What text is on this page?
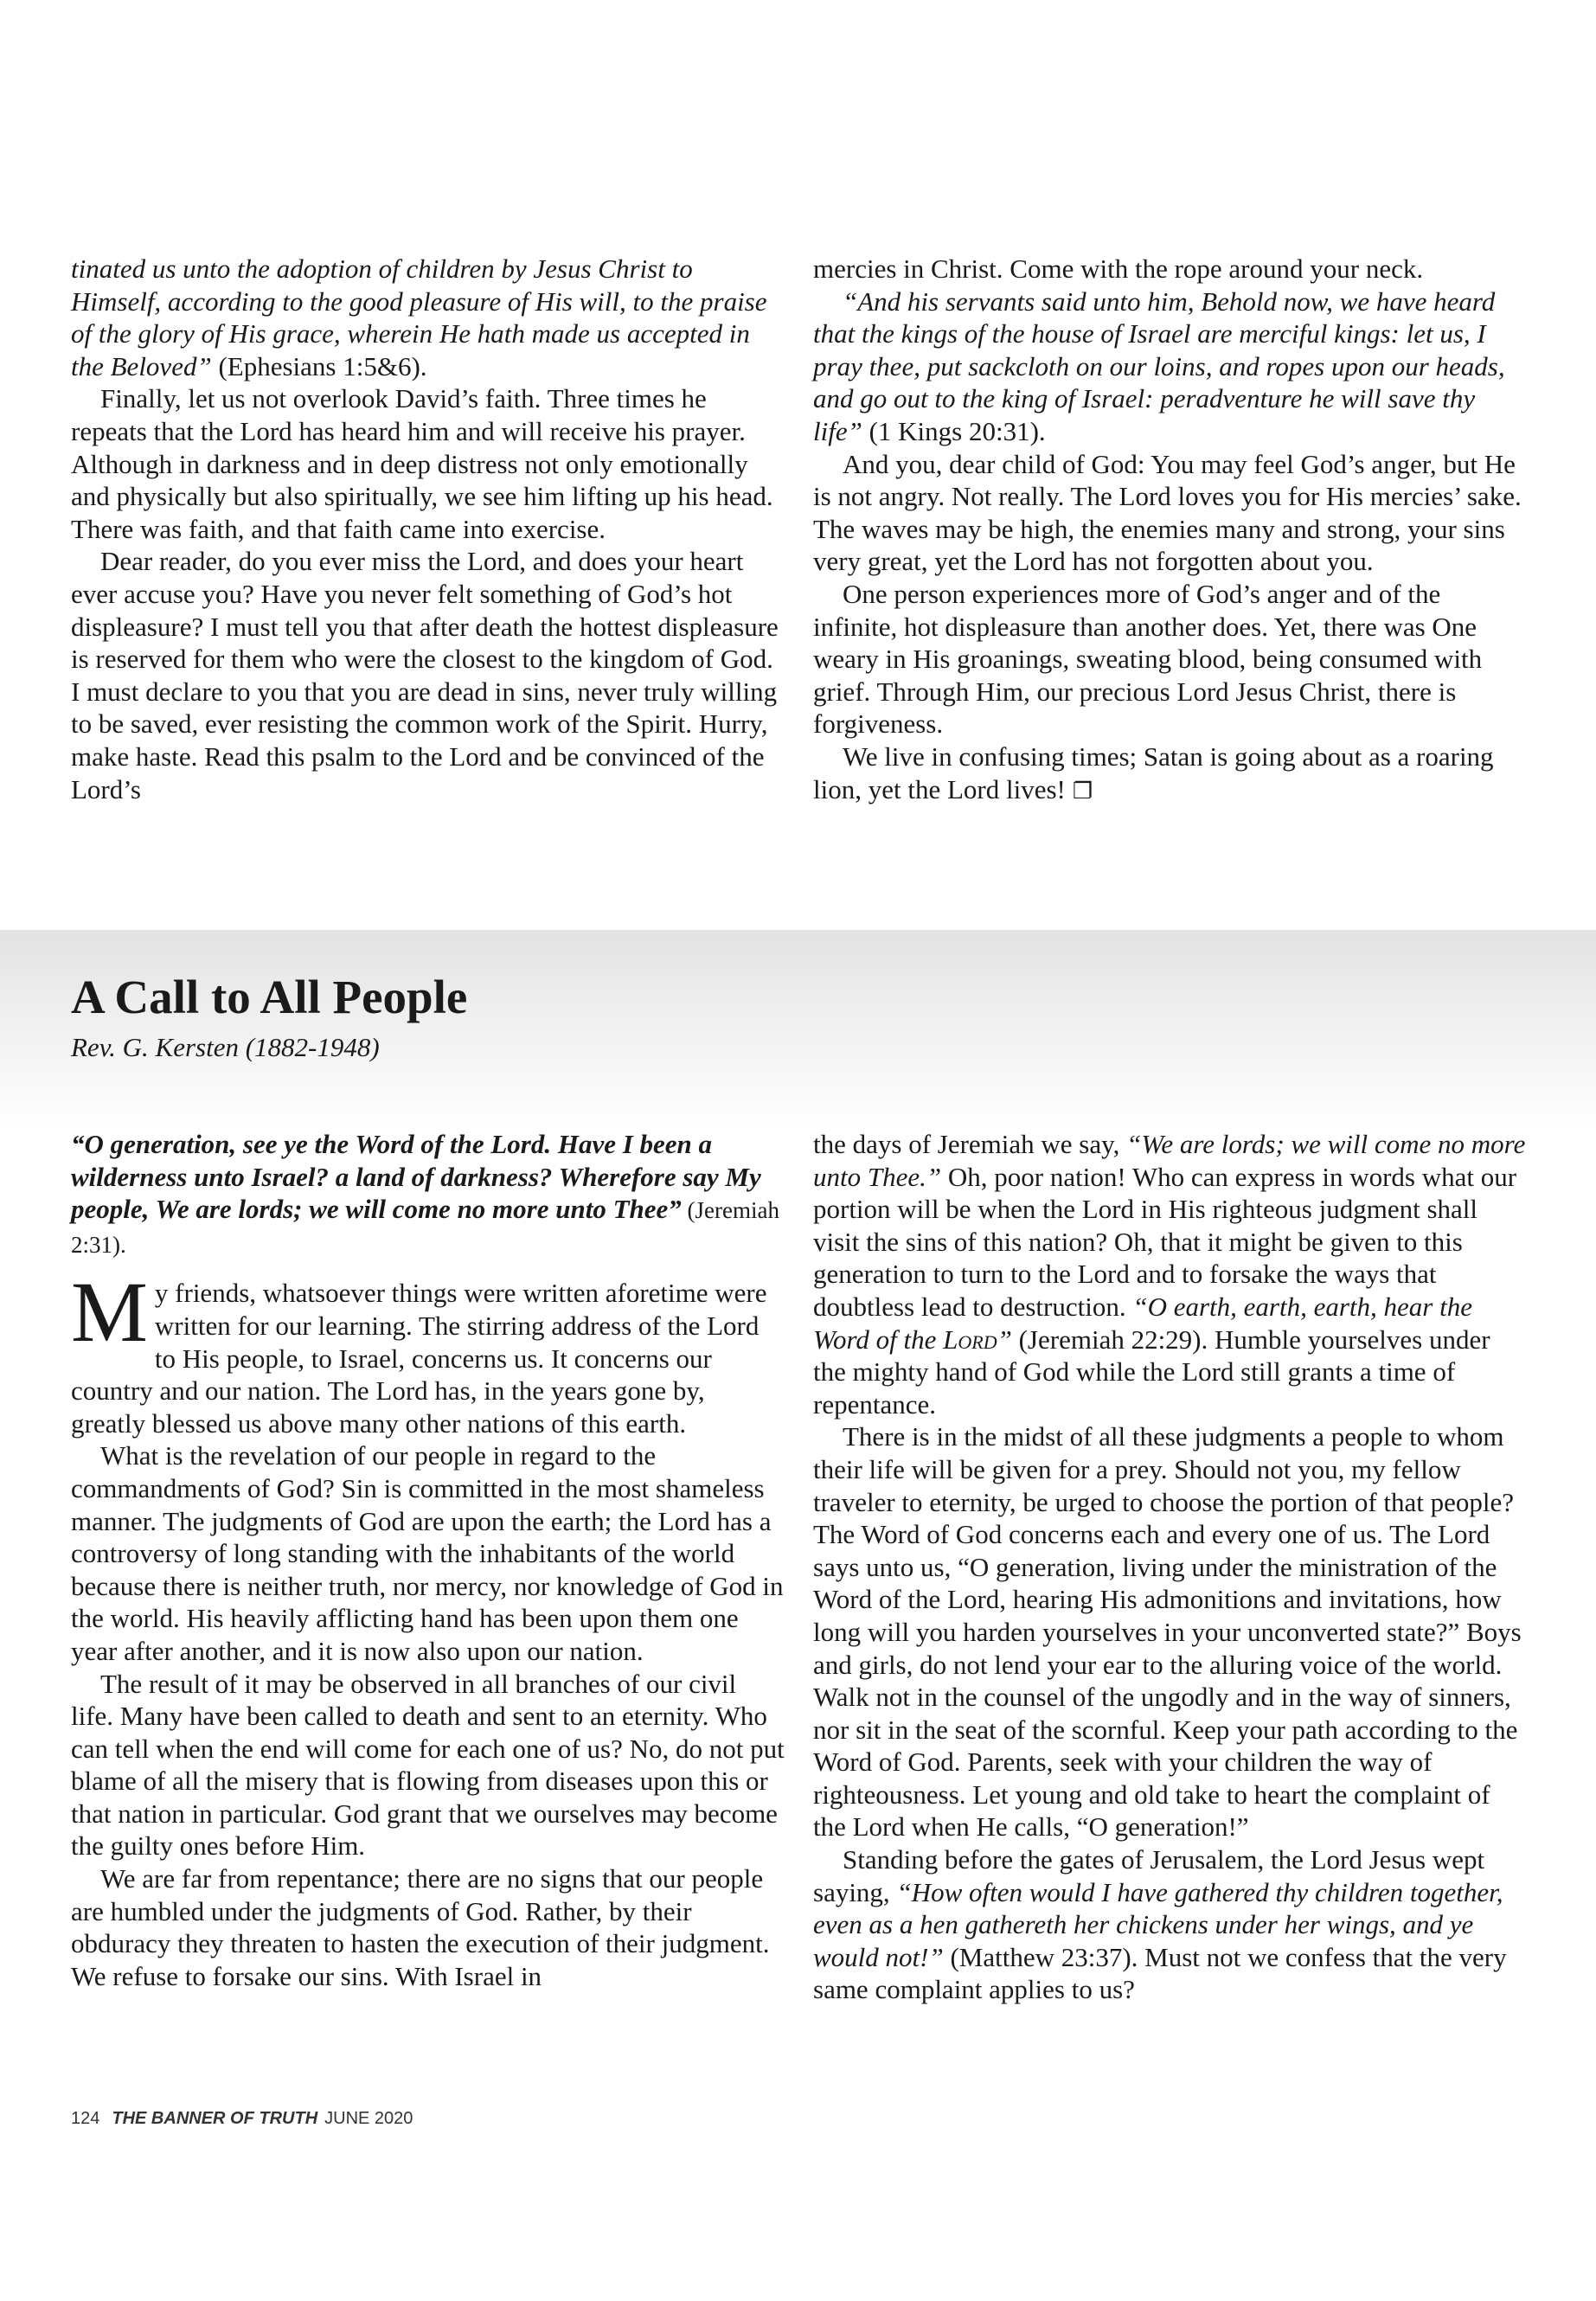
tinated us unto the adoption of children by Jesus Christ to Himself, according to the good pleasure of His will, to the praise of the glory of His grace, wherein He hath made us accepted in the Beloved” (Ephesians 1:5&6).

Finally, let us not overlook David’s faith. Three times he repeats that the Lord has heard him and will receive his prayer. Although in darkness and in deep distress not only emotionally and physically but also spiritually, we see him lifting up his head. There was faith, and that faith came into exercise.

Dear reader, do you ever miss the Lord, and does your heart ever accuse you? Have you never felt something of God’s hot displeasure? I must tell you that after death the hottest displeasure is reserved for them who were the closest to the kingdom of God. I must declare to you that you are dead in sins, never truly willing to be saved, ever resisting the common work of the Spirit. Hurry, make haste. Read this psalm to the Lord and be convinced of the Lord’s

mercies in Christ. Come with the rope around your neck.

“And his servants said unto him, Behold now, we have heard that the kings of the house of Israel are merciful kings: let us, I pray thee, put sackcloth on our loins, and ropes upon our heads, and go out to the king of Israel: peradventure he will save thy life” (1 Kings 20:31).

And you, dear child of God: You may feel God’s anger, but He is not angry. Not really. The Lord loves you for His mercies’ sake. The waves may be high, the enemies many and strong, your sins very great, yet the Lord has not forgotten about you.

One person experiences more of God’s anger and of the infinite, hot displeasure than another does. Yet, there was One weary in His groanings, sweating blood, being consumed with grief. Through Him, our precious Lord Jesus Christ, there is forgiveness.

We live in confusing times; Satan is going about as a roaring lion, yet the Lord lives! ❐

A Call to All People

Rev. G. Kersten (1882-1948)

“O generation, see ye the Word of the Lord. Have I been a wilderness unto Israel? a land of darkness? Wherefore say My people, We are lords; we will come no more unto Thee” (Jeremiah 2:31).

My friends, whatsoever things were written aforetime were written for our learning. The stirring address of the Lord to His people, to Israel, concerns us. It concerns our country and our nation. The Lord has, in the years gone by, greatly blessed us above many other nations of this earth.

What is the revelation of our people in regard to the commandments of God? Sin is committed in the most shameless manner. The judgments of God are upon the earth; the Lord has a controversy of long standing with the inhabitants of the world because there is neither truth, nor mercy, nor knowledge of God in the world. His heavily afflicting hand has been upon them one year after another, and it is now also upon our nation.

The result of it may be observed in all branches of our civil life. Many have been called to death and sent to an eternity. Who can tell when the end will come for each one of us? No, do not put blame of all the misery that is flowing from diseases upon this or that nation in particular. God grant that we ourselves may become the guilty ones before Him.

We are far from repentance; there are no signs that our people are humbled under the judgments of God. Rather, by their obduracy they threaten to hasten the execution of their judgment. We refuse to forsake our sins. With Israel in

the days of Jeremiah we say, “We are lords; we will come no more unto Thee.” Oh, poor nation! Who can express in words what our portion will be when the Lord in His righteous judgment shall visit the sins of this nation? Oh, that it might be given to this generation to turn to the Lord and to forsake the ways that doubtless lead to destruction. “O earth, earth, earth, hear the Word of the Lord” (Jeremiah 22:29). Humble yourselves under the mighty hand of God while the Lord still grants a time of repentance.

There is in the midst of all these judgments a people to whom their life will be given for a prey. Should not you, my fellow traveler to eternity, be urged to choose the portion of that people? The Word of God concerns each and every one of us. The Lord says unto us, “O generation, living under the ministration of the Word of the Lord, hearing His admonitions and invitations, how long will you harden yourselves in your unconverted state?” Boys and girls, do not lend your ear to the alluring voice of the world. Walk not in the counsel of the ungodly and in the way of sinners, nor sit in the seat of the scornful. Keep your path according to the Word of God. Parents, seek with your children the way of righteousness. Let young and old take to heart the complaint of the Lord when He calls, “O generation!”

Standing before the gates of Jerusalem, the Lord Jesus wept saying, “How often would I have gathered thy children together, even as a hen gathereth her chickens under her wings, and ye would not!” (Matthew 23:37). Must not we confess that the very same complaint applies to us?

124 THE BANNER OF TRUTH JUNE 2020
